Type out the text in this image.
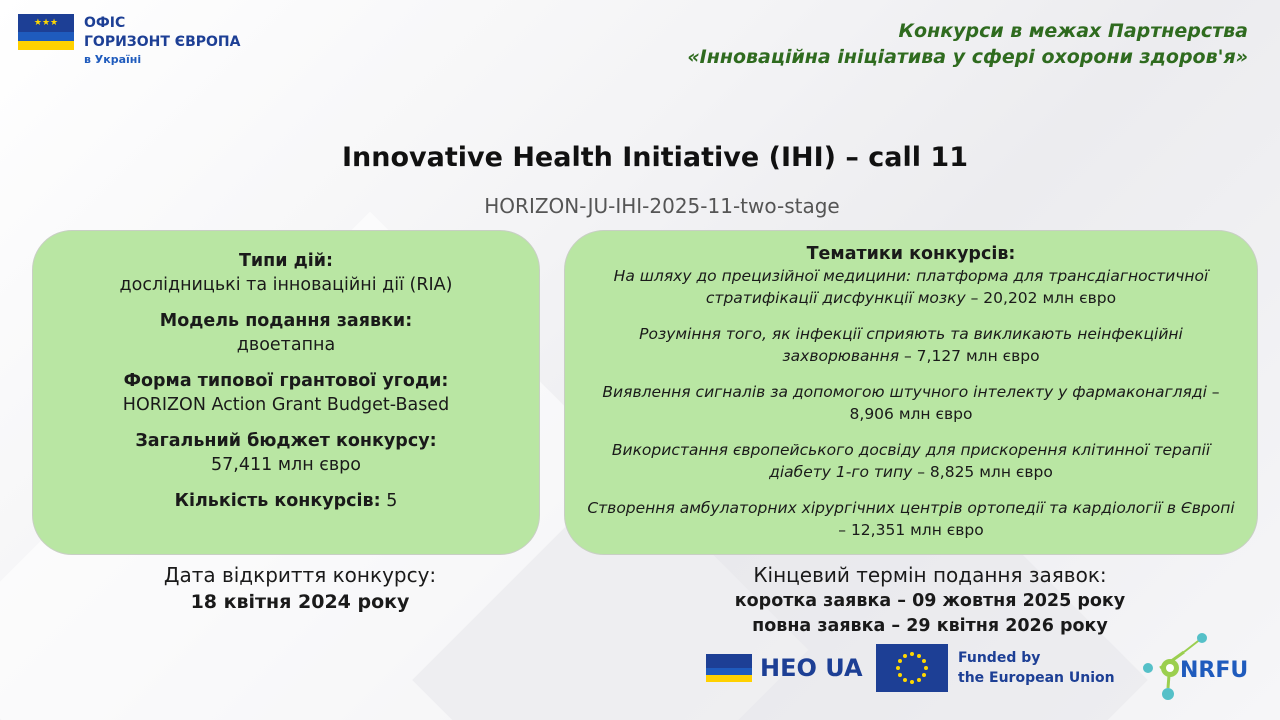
★★★	ОФІС
ГОРИЗОНТ ЄВРОПА
в Україні
Конкурси в межах Партнерства
«Інноваційна ініціатива у сфері охорони здоров'я»
Innovative Health Initiative (IHI) – call 11
HORIZON-JU-IHI-2025-11-two-stage
Типи дій:
дослідницькі та інноваційні дії (RIA)
Модель подання заявки:
двоетапна
Форма типової грантової угоди:
HORIZON Action Grant Budget-Based
Загальний бюджет конкурсу:
57,411 млн євро
Кількість конкурсів: 5
Тематики конкурсів:
На шляху до прецизійної медицини: платформа для трансдіагностичної стратифікації дисфункції мозку – 20,202 млн євро
Розуміння того, як інфекції сприяють та викликають неінфекційні захворювання – 7,127 млн євро
Виявлення сигналів за допомогою штучного інтелекту у фармаконагляді – 8,906 млн євро
Використання європейського досвіду для прискорення клітинної терапії діабету 1-го типу – 8,825 млн євро
Створення амбулаторних хірургічних центрів ортопедії та кардіології в Європі – 12,351 млн євро
Дата відкриття конкурсу:
18 квітня 2024 року
Кінцевий термін подання заявок:
коротка заявка – 09 жовтня 2025 року
повна заявка – 29 квітня 2026 року
HEO UA	Funded by
the European Union	NRFU
